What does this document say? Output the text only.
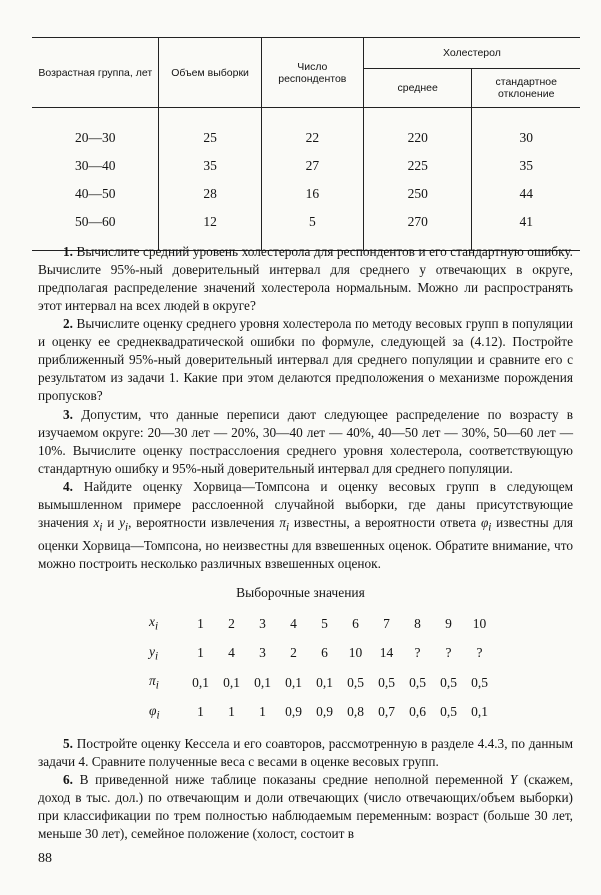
Возрастная группа, лет	Объем выборки	Число респондентов	Холестерол	
			среднее	стандартное отклонение

20—30	25	22	220	30
30—40	35	27	225	35
40—50	28	16	250	44
50—60	12	5	270	41

1. Вычислите средний уровень холестерола для респондентов и его стандартную ошибку. Вычислите 95%-ный доверительный интервал для среднего у отвечающих в округе, предполагая распределение значений холестерола нормальным. Можно ли распространять этот интервал на всех людей в округе?

2. Вычислите оценку среднего уровня холестерола по методу весовых групп в популяции и оценку ее среднеквадратической ошибки по формуле, следующей за (4.12). Постройте приближенный 95%-ный доверительный интервал для среднего популяции и сравните его с результатом из задачи 1. Какие при этом делаются предположения о механизме порождения пропусков?

3. Допустим, что данные переписи дают следующее распределение по возрасту в изучаемом округе: 20—30 лет — 20%, 30—40 лет — 40%, 40—50 лет — 30%, 50—60 лет — 10%. Вычислите оценку пострасслоения среднего уровня холестерола, соответствующую стандартную ошибку и 95%-ный доверительный интервал для среднего популяции.

4. Найдите оценку Хорвица—Томпсона и оценку весовых групп в следующем вымышленном примере расслоенной случайной выборки, где даны присутствующие значения $x_i$ и $y_i$, вероятности извлечения $\pi_i$ известны, а вероятности ответа $\varphi_i$ известны для оценки Хорвица—Томпсона, но неизвестны для взвешенных оценок. Обратите внимание, что можно построить несколько различных взвешенных оценок.

Выборочные значения
$x_i$	1	2	3	4	5	6	7	8	9	10
$y_i$	1	4	3	2	6	10	14	?	?	?
$\pi_i$	0,1	0,1	0,1	0,1	0,1	0,5	0,5	0,5	0,5	0,5
$\varphi_i$	1	1	1	0,9	0,9	0,8	0,7	0,6	0,5	0,1

5. Постройте оценку Кессела и его соавторов, рассмотренную в разделе 4.4.3, по данным задачи 4. Сравните полученные веса с весами в оценке весовых групп.

6. В приведенной ниже таблице показаны средние неполной переменной Y (скажем, доход в тыс. дол.) по отвечающим и доли отвечающих (число отвечающих/объем выборки) при классификации по трем полностью наблюдаемым переменным: возраст (больше 30 лет, меньше 30 лет), семейное положение (холост, состоит в

88
